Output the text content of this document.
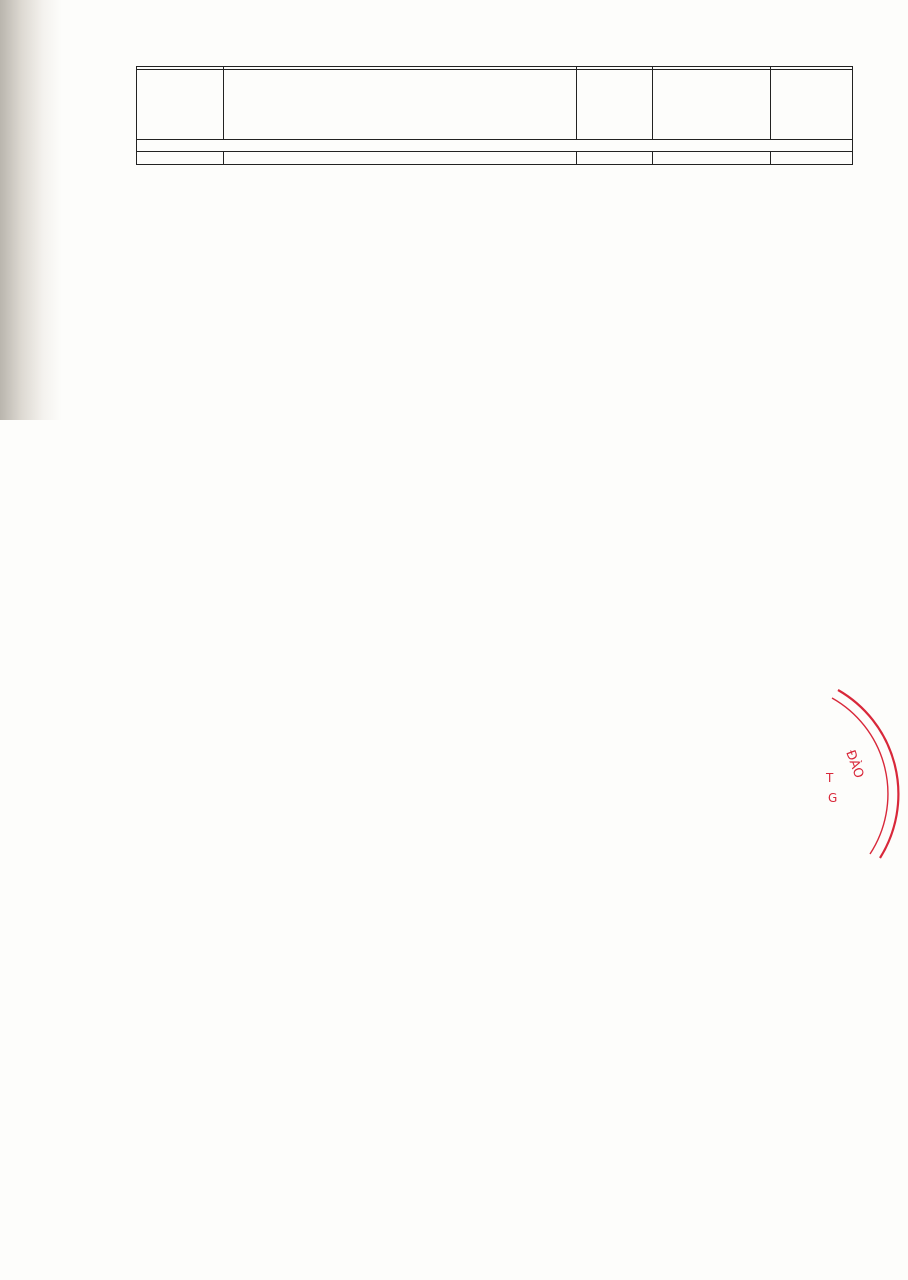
ĐÀO
T
G
